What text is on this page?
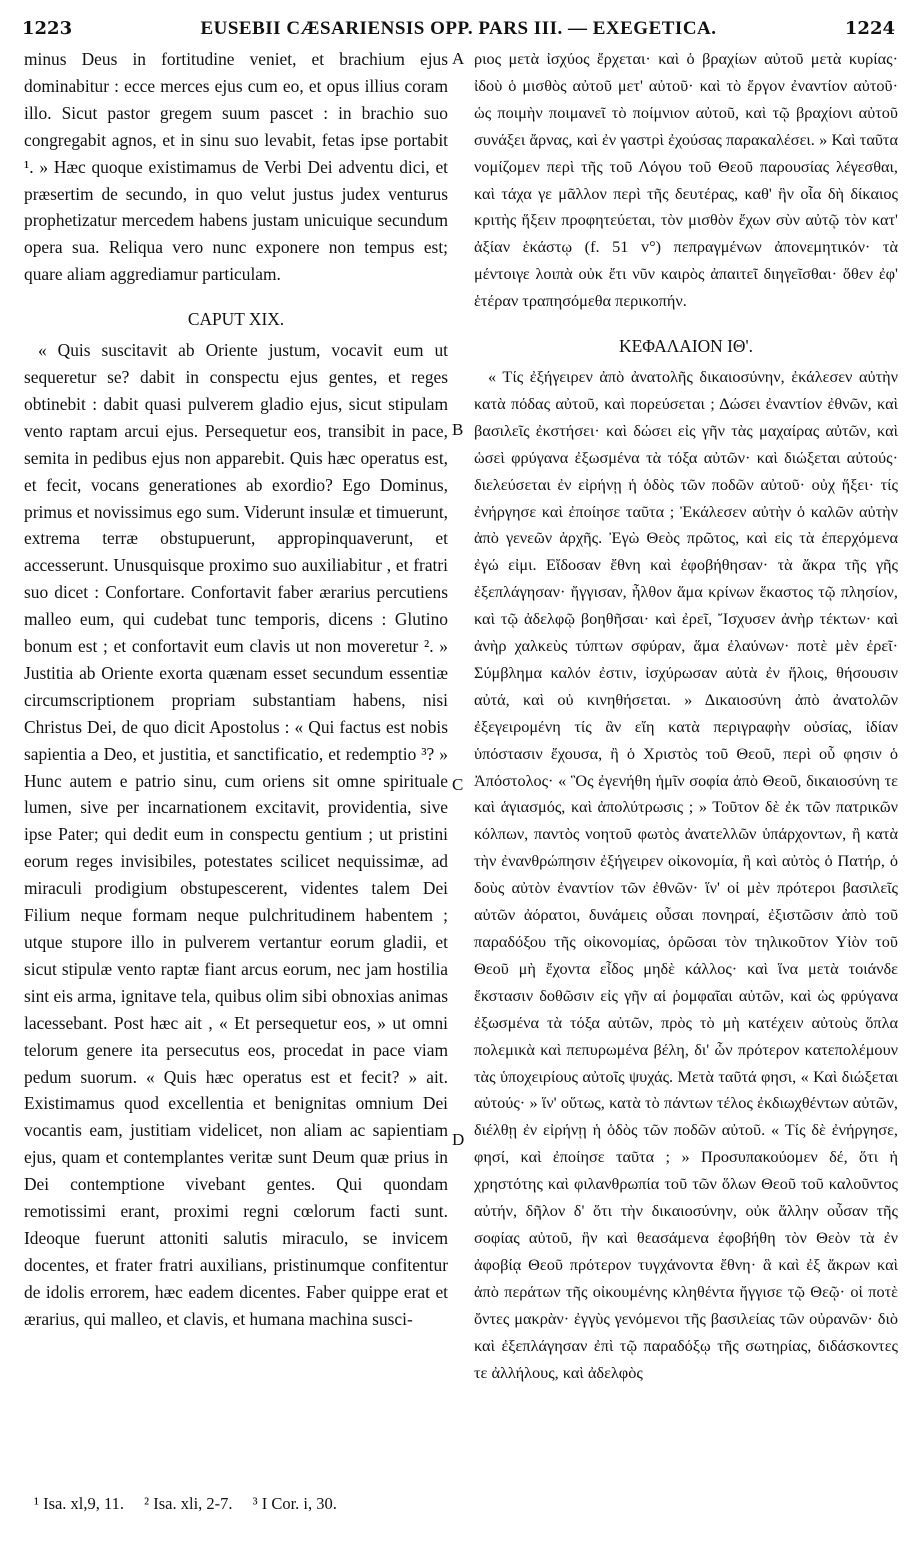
1223	EUSEBII CÆSARIENSIS OPP. PARS III. — EXEGETICA.	1224

minus Deus in fortitudine veniet, et brachium ejus dominabitur : ecce merces ejus cum eo, et opus illius coram illo. Sicut pastor gregem suum pascet : in brachio suo congregabit agnos, et in sinu suo levabit, fetas ipse portabit ¹. » Hæc quoque existimamus de Verbi Dei adventu dici, et præsertim de secundo, in quo velut justus judex venturus prophetizatur mercedem habens justam unicuique secundum opera sua. Reliqua vero nunc exponere non tempus est; quare aliam aggrediamur particulam.

CAPUT XIX.

« Quis suscitavit ab Oriente justum, vocavit eum ut sequeretur se? dabit in conspectu ejus gentes, et reges obtinebit : dabit quasi pulverem gladio ejus, sicut stipulam vento raptam arcui ejus. Persequetur eos, transibit in pace, semita in pedibus ejus non apparebit. Quis hæc operatus est, et fecit, vocans generationes ab exordio? Ego Dominus, primus et novissimus ego sum. Viderunt insulæ et timuerunt, extrema terræ obstupuerunt, appropinquaverunt, et accesserunt. Unusquisque proximo suo auxiliabitur , et fratri suo dicet : Confortare. Confortavit faber ærarius percutiens malleo eum, qui cudebat tunc temporis, dicens : Glutino bonum est ; et confortavit eum clavis ut non moveretur ². » Justitia ab Oriente exorta quænam esset secundum essentiæ circumscriptionem propriam substantiam habens, nisi Christus Dei, de quo dicit Apostolus : « Qui factus est nobis sapientia a Deo, et justitia, et sanctificatio, et redemptio ³? » Hunc autem e patrio sinu, cum oriens sit omne spirituale lumen, sive per incarnationem excitavit, providentia, sive ipse Pater; qui dedit eum in conspectu gentium ; ut pristini eorum reges invisibiles, potestates scilicet nequissimæ, ad miraculi prodigium obstupescerent, videntes talem Dei Filium neque formam neque pulchritudinem habentem ; utque stupore illo in pulverem vertantur eorum gladii, et sicut stipulæ vento raptæ fiant arcus eorum, nec jam hostilia sint eis arma, ignitave tela, quibus olim sibi obnoxias animas lacessebant. Post hæc ait , « Et persequetur eos, » ut omni telorum genere ita persecutus eos, procedat in pace viam pedum suorum. « Quis hæc operatus est et fecit? » ait. Existimamus quod excellentia et benignitas omnium Dei vocantis eam, justitiam videlicet, non aliam ac sapientiam ejus, quam et contemplantes veritæ sunt Deum quæ prius in Dei contemptione vivebant gentes. Qui quondam remotissimi erant, proximi regni cœlorum facti sunt. Ideoque fuerunt attoniti salutis miraculo, se invicem docentes, et frater fratri auxilians, pristinumque confitentur de idolis errorem, hæc eadem dicentes. Faber quippe erat et ærarius, qui malleo, et clavis, et humana machina susci-

A
B
C
D

ριος μετὰ ἰσχύος ἔρχεται· καὶ ὁ βραχίων αὐτοῦ μετὰ κυρίας· ἰδοὺ ὁ μισθὸς αὐτοῦ μετ' αὐτοῦ· καὶ τὸ ἔργον ἐναντίον αὐτοῦ· ὡς ποιμὴν ποιμανεῖ τὸ ποίμνιον αὐτοῦ, καὶ τῷ βραχίονι αὐτοῦ συνάξει ἄρνας, καὶ ἐν γαστρὶ ἐχούσας παρακαλέσει. » Καὶ ταῦτα νομίζομεν περὶ τῆς τοῦ Λόγου τοῦ Θεοῦ παρουσίας λέγεσθαι, καὶ τάχα γε μᾶλλον περὶ τῆς δευτέρας, καθ' ἣν οἷα δὴ δίκαιος κριτὴς ἥξειν προφητεύεται, τὸν μισθὸν ἔχων σὺν αὐτῷ τὸν κατ' ἀξίαν ἑκάστῳ (f. 51 v°) πεπραγμένων ἀπονεμητικόν· τὰ μέντοιγε λοιπὰ οὐκ ἔτι νῦν καιρὸς ἀπαιτεῖ διηγεῖσθαι· ὅθεν ἐφ' ἑτέραν τραπησόμεθα περικοπήν.

ΚΕΦΑΛΑΙΟΝ ΙΘ'.

« Τίς ἐξήγειρεν ἀπὸ ἀνατολῆς δικαιοσύνην, ἐκάλεσεν αὐτὴν κατὰ πόδας αὐτοῦ, καὶ πορεύσεται ; Δώσει ἐναντίον ἐθνῶν, καὶ βασιλεῖς ἐκστήσει· καὶ δώσει εἰς γῆν τὰς μαχαίρας αὐτῶν, καὶ ὡσεὶ φρύγανα ἐξωσμένα τὰ τόξα αὐτῶν· καὶ διώξεται αὐτούς· διελεύσεται ἐν εἰρήνῃ ἡ ὁδὸς τῶν ποδῶν αὐτοῦ· οὐχ ἥξει· τίς ἐνήργησε καὶ ἐποίησε ταῦτα ; Ἐκάλεσεν αὐτὴν ὁ καλῶν αὐτὴν ἀπὸ γενεῶν ἀρχῆς. Ἐγὼ Θεὸς πρῶτος, καὶ εἰς τὰ ἐπερχόμενα ἐγώ εἰμι. Εἴδοσαν ἔθνη καὶ ἐφοβήθησαν· τὰ ἄκρα τῆς γῆς ἐξεπλάγησαν· ἤγγισαν, ἦλθον ἅμα κρίνων ἕκαστος τῷ πλησίον, καὶ τῷ ἀδελφῷ βοηθῆσαι· καὶ ἐρεῖ, Ἴσχυσεν ἀνὴρ τέκτων· καὶ ἀνὴρ χαλκεὺς τύπτων σφύραν, ἅμα ἐλαύνων· ποτὲ μὲν ἐρεῖ· Σύμβλημα καλόν ἐστιν, ἰσχύρωσαν αὐτὰ ἐν ἥλοις, θήσουσιν αὐτά, καὶ οὐ κινηθήσεται. » Δικαιοσύνη ἀπὸ ἀνατολῶν ἐξεγειρομένη τίς ἂν εἴη κατὰ περιγραφὴν οὐσίας, ἰδίαν ὑπόστασιν ἔχουσα, ἢ ὁ Χριστὸς τοῦ Θεοῦ, περὶ οὗ φησιν ὁ Ἀπόστολος· « Ὃς ἐγενήθη ἡμῖν σοφία ἀπὸ Θεοῦ, δικαιοσύνη τε καὶ ἁγιασμός, καὶ ἀπολύτρωσις ; » Τοῦτον δὲ ἐκ τῶν πατρικῶν κόλπων, παντὸς νοητοῦ φωτὸς ἀνατελλῶν ὑπάρχοντων, ἢ κατὰ τὴν ἐνανθρώπησιν ἐξήγειρεν οἰκονομία, ἢ καὶ αὐτὸς ὁ Πατήρ, ὁ δοὺς αὐτὸν ἐναντίον τῶν ἐθνῶν· ἵν' οἱ μὲν πρότεροι βασιλεῖς αὐτῶν ἀόρατοι, δυνάμεις οὖσαι πονηραί, ἐξιστῶσιν ἀπὸ τοῦ παραδόξου τῆς οἰκονομίας, ὁρῶσαι τὸν τηλικοῦτον Υἱὸν τοῦ Θεοῦ μὴ ἔχοντα εἶδος μηδὲ κάλλος· καὶ ἵνα μετὰ τοιάνδε ἔκστασιν δοθῶσιν εἰς γῆν αἱ ῥομφαῖαι αὐτῶν, καὶ ὡς φρύγανα ἐξωσμένα τὰ τόξα αὐτῶν, πρὸς τὸ μὴ κατέχειν αὐτοὺς ὅπλα πολεμικὰ καὶ πεπυρωμένα βέλη, δι' ὧν πρότερον κατεπολέμουν τὰς ὑποχειρίους αὐτοῖς ψυχάς. Μετὰ ταῦτά φησι, « Καὶ διώξεται αὐτούς· » ἵν' οὕτως, κατὰ τὸ πάντων τέλος ἐκδιωχθέντων αὐτῶν, διέλθῃ ἐν εἰρήνῃ ἡ ὁδὸς τῶν ποδῶν αὐτοῦ. « Τίς δὲ ἐνήργησε, φησί, καὶ ἐποίησε ταῦτα ; » Προσυπακούομεν δέ, ὅτι ἡ χρηστότης καὶ φιλανθρωπία τοῦ τῶν ὅλων Θεοῦ τοῦ καλοῦντος αὐτήν, δῆλον δ' ὅτι τὴν δικαιοσύνην, οὐκ ἄλλην οὖσαν τῆς σοφίας αὐτοῦ, ἣν καὶ θεασάμενα ἐφοβήθη τὸν Θεὸν τὰ ἐν ἀφοβίᾳ Θεοῦ πρότερον τυγχάνοντα ἔθνη· ἃ καὶ ἐξ ἄκρων καὶ ἀπὸ περάτων τῆς οἰκουμένης κληθέντα ἤγγισε τῷ Θεῷ· οἱ ποτὲ ὄντες μακρὰν· ἐγγὺς γενόμενοι τῆς βασιλείας τῶν οὐρανῶν· διὸ καὶ ἐξεπλάγησαν ἐπὶ τῷ παραδόξῳ τῆς σωτηρίας, διδάσκοντες τε ἀλλήλους, καὶ ἀδελφὸς

¹ Isa. xl,9, 11. ² Isa. xli, 2-7. ³ I Cor. i, 30.
